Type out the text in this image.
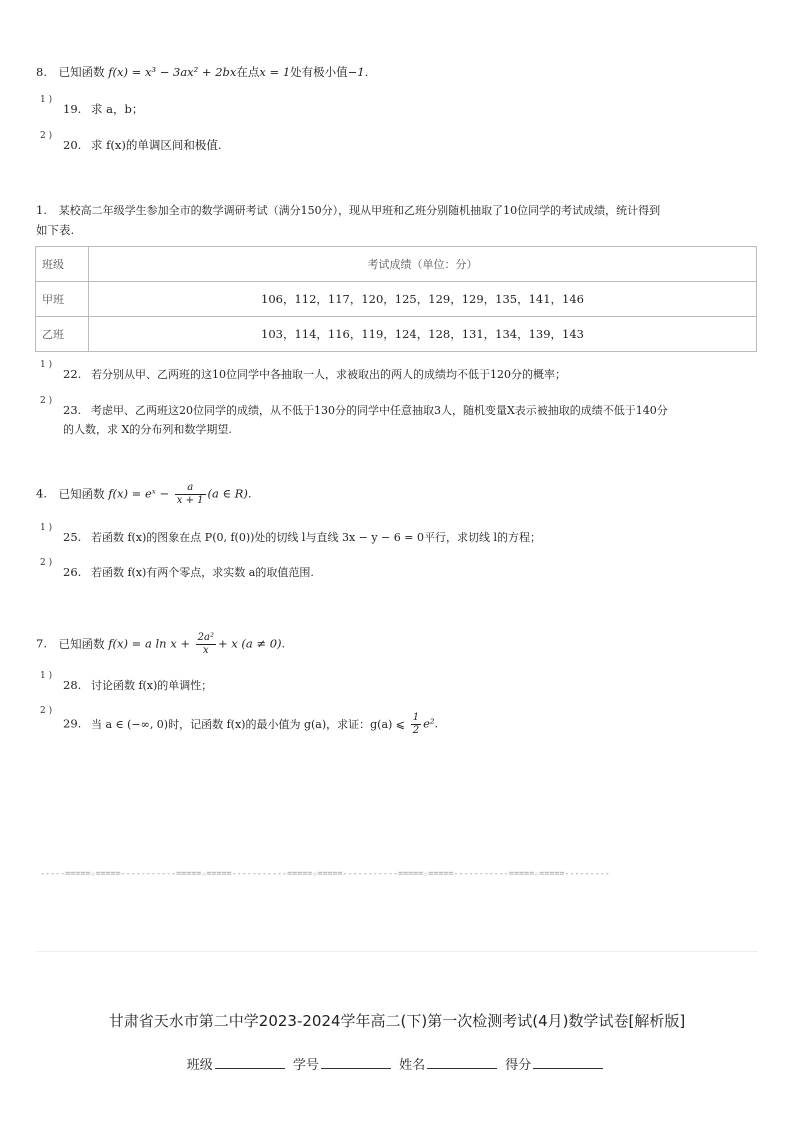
8. 已知函数 f(x) = x³ − 3ax² + 2bx在点x = 1处有极小值−1.
1 )
19. 求 a，b；
2 )
20. 求 f(x)的单调区间和极值.
1. 某校高二年级学生参加全市的数学调研考试（满分150分），现从甲班和乙班分别随机抽取了10位同学的考试成绩，统计得到
如下表.
班级	考试成绩（单位：分）
甲班	106，112，117，120，125，129，129，135，141，146
乙班	103，114，116，119，124，128，131，134，139，143
1 )
22. 若分别从甲、乙两班的这10位同学中各抽取一人，求被取出的两人的成绩均不低于120分的概率；
2 )
23. 考虑甲、乙两班这20位同学的成绩，从不低于130分的同学中任意抽取3人，随机变量X表示被抽取的成绩不低于140分
的人数，求 X的分布列和数学期望.
4. 已知函数 f(x) = eˣ − $\frac{a}{x + 1} (a$ ∈ R).
1 )
25. 若函数 f(x)的图象在点 P(0, f(0))处的切线 l与直线 3x − y − 6 = 0平行，求切线 l的方程；
2 )
26. 若函数 f(x)有两个零点，求实数 a的取值范围.
7. 已知函数 f(x) = a $\ln x + \frac{\text{2a²}}{x} + x$ (a ≠ 0).
1 )
28. 讨论函数 f(x)的单调性；
2 )
29. 当 a ∈ (−∞, 0)时，记函数 f(x)的最小值为 g(a)，求证：g(a) ⩽ $\frac{1}{2} e^2$.
-----=====☆=====-----------=====☆=====-----------=====☆=====-----------=====☆=====-----------=====☆=====---------
甘肃省天水市第二中学2023-2024学年高二(下)第一次检测考试(4月)数学试卷[解析版]
班级	学号	姓名	得分
